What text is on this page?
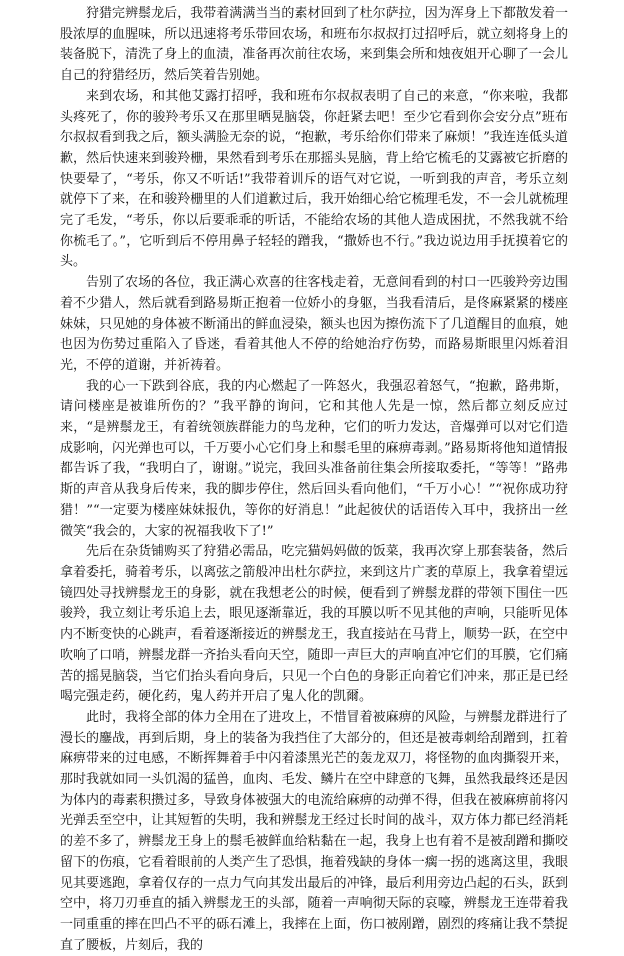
狩猎完辨鬃龙后，我带着满满当当的素材回到了杜尔萨拉，因为浑身上下都散发着一股浓厚的血腥味，所以迅速将考乐带回农场，和班布尔叔叔打过招呼后，就立刻将身上的装备脱下，清洗了身上的血渍，准备再次前往农场，来到集会所和烛夜姐开心聊了一会儿自己的狩猎经历，然后笑着告别她。

来到农场，和其他艾露打招呼，我和班布尔叔叔表明了自己的来意，“你来啦，我都头疼死了，你的骏羚考乐又在那里晒晃脑袋，你赶紧去吧！至少它看到你会安分点”班布尔叔叔看到我之后，额头满脸无奈的说，“抱歉，考乐给你们带来了麻烦！”我连连低头道歉，然后快速来到骏羚栅，果然看到考乐在那摇头晃脑，背上给它梳毛的艾露被它折磨的快要晕了，“考乐，你又不听话!”我带着训斥的语气对它说，一听到我的声音，考乐立刻就停下了来，在和骏羚栅里的人们道歉过后，我开始细心给它梳理毛发，不一会儿就梳理完了毛发，“考乐，你以后要乖乖的听话，不能给农场的其他人造成困扰，不然我就不给你梳毛了。”，它听到后不停用鼻子轻轻的蹭我，“撒娇也不行。”我边说边用手抚摸着它的头。

告别了农场的各位，我正满心欢喜的往客栈走着，无意间看到的村口一匹骏羚旁边围着不少猎人，然后就看到路易斯正抱着一位娇小的身躯，当我看清后，是佟麻紧紧的楼座妹妹，只见她的身体被不断涌出的鲜血浸染，额头也因为擦伤流下了几道醒目的血痕，她也因为伤势过重陷入了昏迷，看着其他人不停的给她治疗伤势，而路易斯眼里闪烁着泪光，不停的道谢，并祈祷着。

我的心一下跌到谷底，我的内心燃起了一阵怒火，我强忍着怒气，“抱歉，路弗斯，请问楼座是被谁所伤的？”我平静的询问，它和其他人先是一惊，然后都立刻反应过来，“是辨鬃龙王，有着统领族群能力的鸟龙种，它们的听力发达，音爆弹可以对它们造成影响，闪光弹也可以，千万要小心它们身上和鬃毛里的麻痹毒剥。”路易斯将他知道情报都告诉了我，“我明白了，谢谢。”说完，我回头准备前往集会所接取委托，“等等！”路弗斯的声音从我身后传来，我的脚步停住，然后回头看向他们，“千万小心！”“祝你成功狩猎！”“一定要为楼座妹妹报仇，等你的好消息！”此起彼伏的话语传入耳中，我挤出一丝微笑“我会的，大家的祝福我收下了!”

先后在杂货铺购买了狩猎必需品，吃完猫妈妈做的饭菜，我再次穿上那套装备，然后拿着委托，骑着考乐，以离弦之箭般冲出杜尔萨拉，来到这片广袤的草原上，我拿着望远镜四处寻找辨鬃龙王的身影，就在我想老公的时候，便看到了辨鬃龙群的带领下围住一匹骏羚，我立刻让考乐追上去，眼见逐渐靠近，我的耳膜以听不见其他的声响，只能听见体内不断变快的心跳声，看着逐渐接近的辨鬃龙王，我直接站在马背上，顺势一跃，在空中吹响了口哨，辨鬃龙群一齐抬头看向天空，随即一声巨大的声响直冲它们的耳膜，它们痛苦的摇晃脑袋，当它们抬头看向身后，只见一个白色的身影正向着它们冲来，那正是已经喝完强走药，硬化药，鬼人药并开启了鬼人化的凯爾。

此时，我将全部的体力全用在了进攻上，不惜冒着被麻痹的风险，与辨鬃龙群进行了漫长的鏖战，再到后期，身上的装备为我挡住了大部分的，但还是被毒刺给刮蹭到，扛着麻痹带来的过电感，不断挥舞着手中闪着漆黑光芒的轰龙双刀，将怪物的血肉撕裂开来，那时我就如同一头饥渴的猛兽，血肉、毛发、鳞片在空中肆意的飞舞，虽然我最终还是因为体内的毒素积攒过多，导致身体被强大的电流给麻痹的动弹不得，但我在被麻痹前将闪光弹丢至空中，让其短暂的失明，我和辨鬃龙王经过长时间的战斗，双方体力都已经消耗的差不多了，辨鬃龙王身上的鬃毛被鲜血给粘黏在一起，我身上也有着不是被刮蹭和撕咬留下的伤痕，它看着眼前的人类产生了恐惧，拖着残缺的身体一瘸一拐的逃离这里，我眼见其要逃跑，拿着仅存的一点力气向其发出最后的冲锋，最后利用旁边凸起的石头，跃到空中，将刀刃垂直的插入辨鬃龙王的头部，随着一声响彻天际的哀嚎，辨鬃龙王连带着我一同重重的摔在凹凸不平的砾石滩上，我摔在上面，伤口被剐蹭，剧烈的疼痛让我不禁捉直了腰板，片刻后，我的
